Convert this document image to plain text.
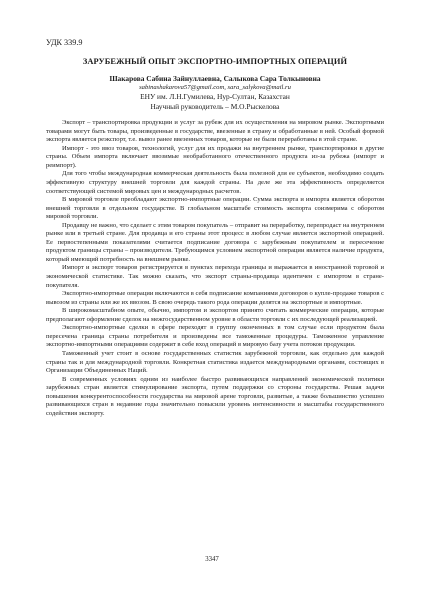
УДК 339.9
ЗАРУБЕЖНЫЙ ОПЫТ ЭКСПОРТНО-ИМПОРТНЫХ ОПЕРАЦИЙ
Шакарова Сабина Зайнуллаевна, Салыкова Сара Толкыновна
sabinashakarova57@gmail.com, sara_salykova@mail.ru
ЕНУ им. Л.Н.Гумилева, Нур-Султан, Казахстан
Научный руководитель – М.О.Рыскелова

Экспорт – транспортировка продукции и услуг за рубеж для их осуществления на мировом рынке. Экспортными товарами могут быть товары, произведенные в государстве, ввезенные в страну и обработанные в ней. Особый формой экспорта является реэкспорт, т.е. вывоз ранее ввезенных товаров, которые не были переработаны в этой стране.

Импорт - это ввоз товаров, технологий, услуг для их продажи на внутреннем рынке, транспортировки в другие страны. Объем импорта включает ввозимые необработанного отечественного продукта из-за рубежа (импорт и реимпорт).

Для того чтобы международная коммерческая деятельность была полезной для ее субъектов, необходимо создать эффективную структуру внешней торговли для каждой страны. На деле же эта эффективность определяется соответствующей системой мировых цен и международных расчетов.

В мировой торговле преобладают экспортно-импортные операции. Сумма экспорта и импорта является оборотом внешней торговли в отдельном государстве. В глобальном масштабе стоимость экспорта соизмерима с оборотом мировой торговли.

Продавцу не важно, что сделает с этим товаром покупатель – отправит на переработку, перепродаст на внутреннем рынке или в третьей стране. Для продавца и его страны этот процесс в любом случае является экспортной операцией. Ее первостепенными показателями считается подписание договора с зарубежным покупателем и пересечение продуктом границы страны – производителя. Требующимся условием экспортной операции является наличие продукта, который имеющий потребность на внешнем рынке.

Импорт и экспорт товаров регистрируется в пунктах перехода границы и выражается в иностранной торговой и экономической статистике. Так можно сказать, что экспорт страны-продавца идентичен с импортом в стране-покупателя.

Экспортно-импортные операции включаются в себя подписание компаниями договоров о купле-продаже товаров с вывозом из страны или же их ввозом. В свою очередь такого рода операции делятся на экспортные и импортные.

В широкомасштабном опыте, обычно, импортом и экспортом принято считать коммерческие операции, которые предполагают оформление сделок на межгосударственном уровне в области торговли с их последующей реализацией.

Экспортно-импортные сделки в сфере переходят в группу оконченных в том случае если продуктом была пересечена граница страны потребителя и произведены все таможенные процедуры. Таможенное управление экспортно-импортными операциями содержит в себе вход операций в мировую базу учета потоков продукции.

Таможенный учет стоит в основе государственных статистик зарубежной торговли, как отдельно для каждой страны так и для международной торговли. Конкретная статистика издается международными органами, состоящих в Организации Объединенных Наций.

В современных условиях одним из наиболее быстро развивающихся направлений экономической политики зарубежных стран является стимулирование экспорта, путем поддержки со стороны государства. Решая задачи повышения конкурентоспособности государства на мировой арене торговли, развитые, а также большинство успешно развивающихся стран в недавние годы значительно повысили уровень интенсивности и масштабы государственного содействия экспорту.

3347
